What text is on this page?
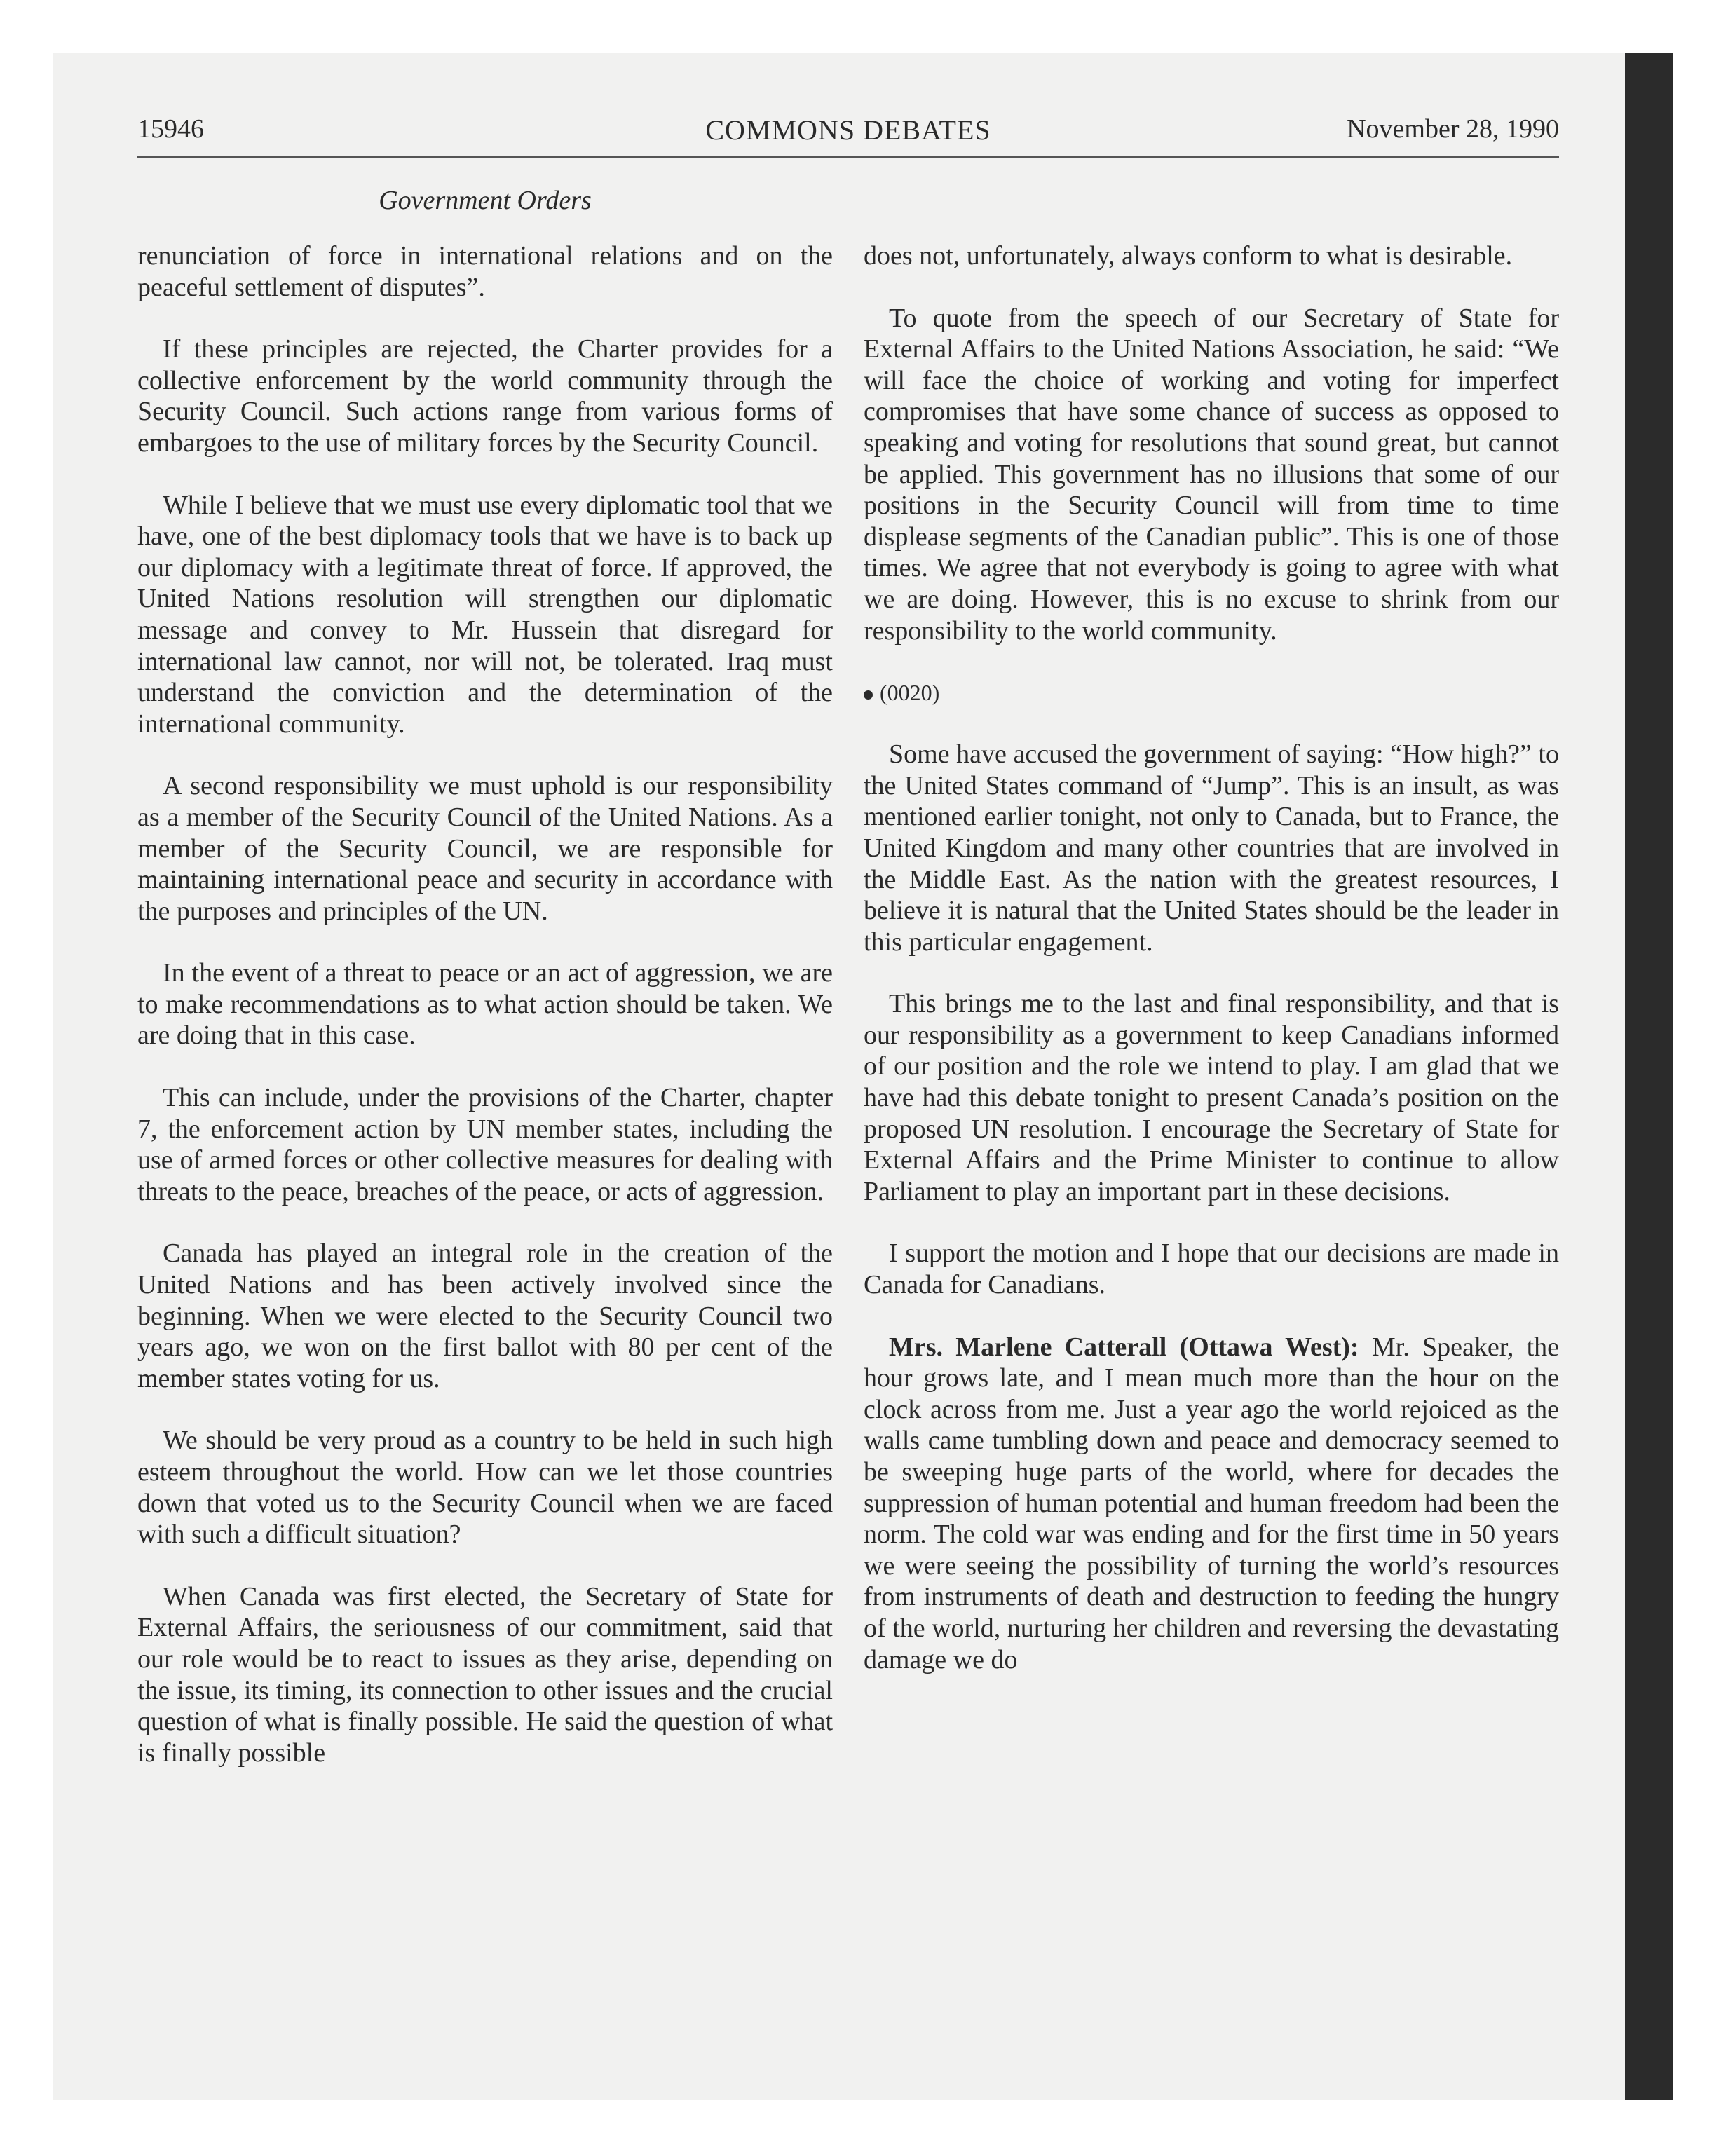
15946	COMMONS DEBATES	November 28, 1990
Government Orders

renunciation of force in international relations and on the peaceful settlement of disputes”.

If these principles are rejected, the Charter provides for a collective enforcement by the world community through the Security Council. Such actions range from various forms of embargoes to the use of military forces by the Security Council.

While I believe that we must use every diplomatic tool that we have, one of the best diplomacy tools that we have is to back up our diplomacy with a legitimate threat of force. If approved, the United Nations resolution will strengthen our diplomatic message and convey to Mr. Hussein that disregard for international law cannot, nor will not, be tolerated. Iraq must understand the conviction and the determination of the international community.

A second responsibility we must uphold is our responsibility as a member of the Security Council of the United Nations. As a member of the Security Council, we are responsible for maintaining international peace and security in accordance with the purposes and principles of the UN.

In the event of a threat to peace or an act of aggression, we are to make recommendations as to what action should be taken. We are doing that in this case.

This can include, under the provisions of the Charter, chapter 7, the enforcement action by UN member states, including the use of armed forces or other collective measures for dealing with threats to the peace, breaches of the peace, or acts of aggression.

Canada has played an integral role in the creation of the United Nations and has been actively involved since the beginning. When we were elected to the Security Council two years ago, we won on the first ballot with 80 per cent of the member states voting for us.

We should be very proud as a country to be held in such high esteem throughout the world. How can we let those countries down that voted us to the Security Council when we are faced with such a difficult situation?

When Canada was first elected, the Secretary of State for External Affairs, the seriousness of our commitment, said that our role would be to react to issues as they arise, depending on the issue, its timing, its connection to other issues and the crucial question of what is finally possible. He said the question of what is finally possible

does not, unfortunately, always conform to what is desirable.

To quote from the speech of our Secretary of State for External Affairs to the United Nations Association, he said: “We will face the choice of working and voting for imperfect compromises that have some chance of success as opposed to speaking and voting for resolutions that sound great, but cannot be applied. This government has no illusions that some of our positions in the Security Council will from time to time displease segments of the Canadian public”. This is one of those times. We agree that not everybody is going to agree with what we are doing. However, this is no excuse to shrink from our responsibility to the world community.

(0020)

Some have accused the government of saying: “How high?” to the United States command of “Jump”. This is an insult, as was mentioned earlier tonight, not only to Canada, but to France, the United Kingdom and many other countries that are involved in the Middle East. As the nation with the greatest resources, I believe it is natural that the United States should be the leader in this particular engagement.

This brings me to the last and final responsibility, and that is our responsibility as a government to keep Canadians informed of our position and the role we intend to play. I am glad that we have had this debate tonight to present Canada’s position on the proposed UN resolution. I encourage the Secretary of State for External Affairs and the Prime Minister to continue to allow Parliament to play an important part in these decisions.

I support the motion and I hope that our decisions are made in Canada for Canadians.

Mrs. Marlene Catterall (Ottawa West): Mr. Speaker, the hour grows late, and I mean much more than the hour on the clock across from me. Just a year ago the world rejoiced as the walls came tumbling down and peace and democracy seemed to be sweeping huge parts of the world, where for decades the suppression of human potential and human freedom had been the norm. The cold war was ending and for the first time in 50 years we were seeing the possibility of turning the world’s resources from instruments of death and destruction to feeding the hungry of the world, nurturing her children and reversing the devastating damage we do
